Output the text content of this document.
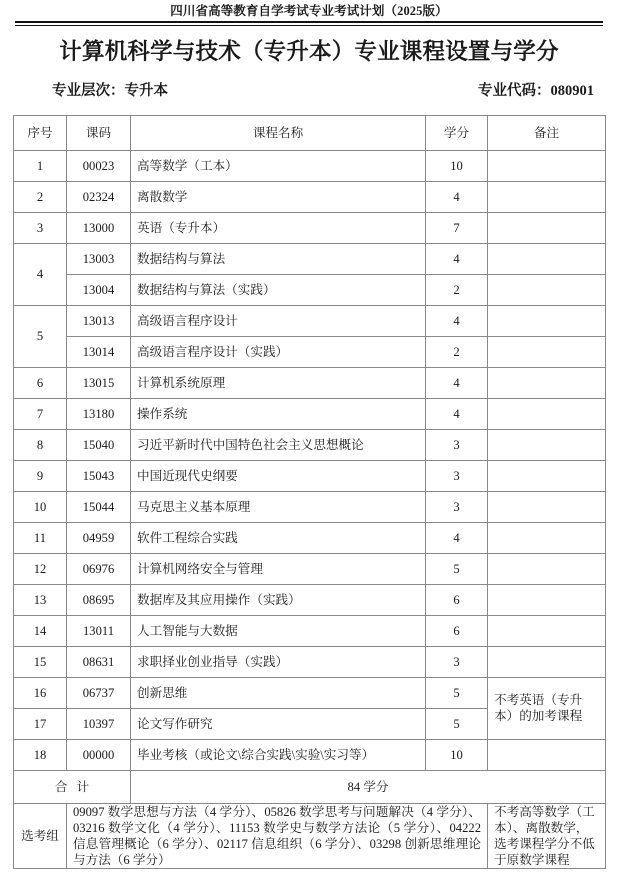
四川省高等教育自学考试专业考试计划（2025版）
计算机科学与技术（专升本）专业课程设置与学分
专业层次：专升本	专业代码：080901
序号	课码	课程名称	学分	备注
1	00023	高等数学（工本）	10	
2	02324	离散数学	4	
3	13000	英语（专升本）	7	
4	13003	数据结构与算法	4	
	13004	数据结构与算法（实践）	2	
5	13013	高级语言程序设计	4	
	13014	高级语言程序设计（实践）	2	
6	13015	计算机系统原理	4	
7	13180	操作系统	4	
8	15040	习近平新时代中国特色社会主义思想概论	3	
9	15043	中国近现代史纲要	3	
10	15044	马克思主义基本原理	3	
11	04959	软件工程综合实践	4	
12	06976	计算机网络安全与管理	5	
13	08695	数据库及其应用操作（实践）	6	
14	13011	人工智能与大数据	6	
15	08631	求职择业创业指导（实践）	3	
16	06737	创新思维	5	不考英语（专升本）的加考课程
17	10397	论文写作研究	5	
18	00000	毕业考核（或论文\综合实践\实验\实习等）	10	
合计		84 学分		
选考组	09097 数学思想与方法（4 学分）、05826 数学思考与问题解决（4 学分）、03216 数学文化（4 学分）、11153 数学史与数学方法论（5 学分）、04222 信息管理概论（6 学分）、02117 信息组织（6 学分）、03298 创新思维理论与方法（6 学分）			不考高等数学（工本）、离散数学，选考课程学分不低于原数学课程
